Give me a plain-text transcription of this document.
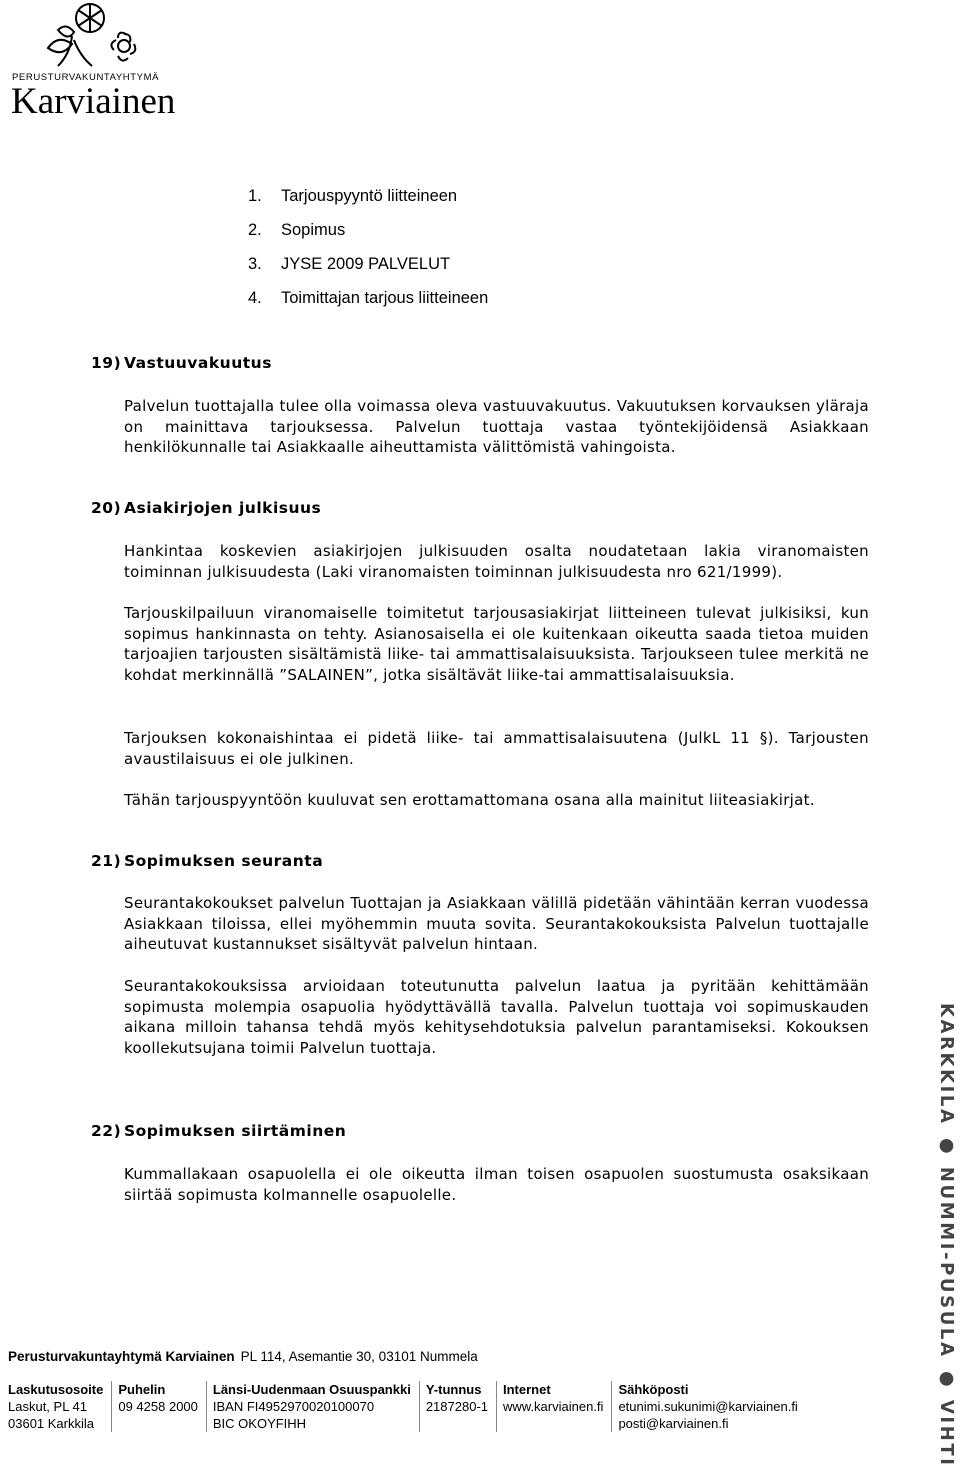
PERUSTURVAKUNTAYHTYMÄ
Karviainen
1. Tarjouspyyntö liitteineen
2. Sopimus
3. JYSE 2009 PALVELUT
4. Toimittajan tarjous liitteineen
19) Vastuuvakuutus
Palvelun tuottajalla tulee olla voimassa oleva vastuuvakuutus. Vakuutuksen korvauksen yläraja on mainittava tarjouksessa. Palvelun tuottaja vastaa työntekijöidensä Asiakkaan henkilökunnalle tai Asiakkaalle aiheuttamista välittömistä vahingoista.
20) Asiakirjojen julkisuus
Hankintaa koskevien asiakirjojen julkisuuden osalta noudatetaan lakia viranomaisten toiminnan julkisuudesta (Laki viranomaisten toiminnan julkisuudesta nro 621/1999).
Tarjouskilpailuun viranomaiselle toimitetut tarjousasiakirjat liitteineen tulevat julkisiksi, kun sopimus hankinnasta on tehty. Asianosaisella ei ole kuitenkaan oikeutta saada tietoa muiden tarjoajien tarjousten sisältämistä liike- tai ammattisalaisuuksista. Tarjoukseen tulee merkitä ne kohdat merkinnällä ”SALAINEN”, jotka sisältävät liike-tai ammattisalaisuuksia.
Tarjouksen kokonaishintaa ei pidetä liike- tai ammattisalaisuutena (JulkL 11 §). Tarjousten avaustilaisuus ei ole julkinen.
Tähän tarjouspyyntöön kuuluvat sen erottamattomana osana alla mainitut liiteasiakirjat.
21) Sopimuksen seuranta
Seurantakokoukset palvelun Tuottajan ja Asiakkaan välillä pidetään vähintään kerran vuodessa Asiakkaan tiloissa, ellei myöhemmin muuta sovita. Seurantakokouksista Palvelun tuottajalle aiheutuvat kustannukset sisältyvät palvelun hintaan.
Seurantakokouksissa arvioidaan toteutunutta palvelun laatua ja pyritään kehittämään sopimusta molempia osapuolia hyödyttävällä tavalla. Palvelun tuottaja voi sopimuskauden aikana milloin tahansa tehdä myös kehitysehdotuksia palvelun parantamiseksi. Kokouksen koollekutsujana toimii Palvelun tuottaja.
22) Sopimuksen siirtäminen
Kummallakaan osapuolella ei ole oikeutta ilman toisen osapuolen suostumusta osaksikaan siirtää sopimusta kolmannelle osapuolelle.	KARKKILA ● NUMMI-PUSULA ● VIHTI
Perusturvakuntayhtymä Karviainen PL 114, Asemantie 30, 03101 Nummela
Laskutusosoite
Laskut, PL 41
03601 Karkkila
Puhelin
09 4258 2000
Länsi-Uudenmaan Osuuspankki
IBAN FI4952970020100070
BIC OKOYFIHH
Y-tunnus
2187280-1
Internet
www.karviainen.fi
Sähköposti
etunimi.sukunimi@karviainen.fi
posti@karviainen.fi
